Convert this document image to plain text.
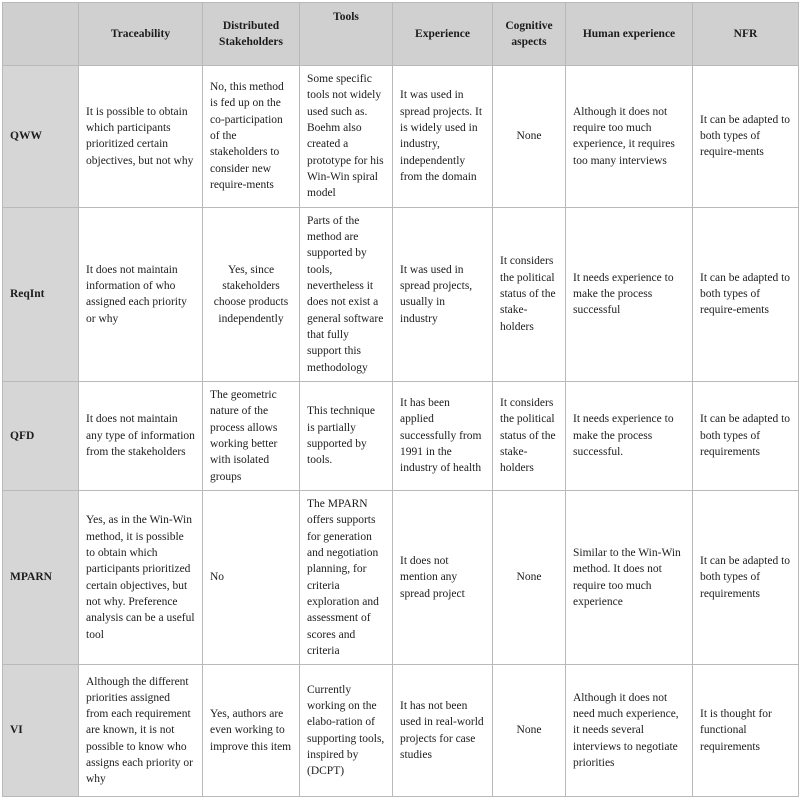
	Traceability	Distributed Stakeholders	Tools	Experience	Cognitive aspects	Human experience	NFR
QWW	It is possible to obtain which participants prioritized certain objectives, but not why	No, this method is fed up on the co-participation of the stakeholders to consider new require-ments	Some specific tools not widely used such as. Boehm also created a prototype for his Win-Win spiral model	It was used in spread projects. It is widely used in industry, independently from the domain	None	Although it does not require too much experience, it requires too many interviews	It can be adapted to both types of require-ments
ReqInt	It does not maintain information of who assigned each priority or why	Yes, since stakeholders choose products independently	Parts of the method are supported by tools, nevertheless it does not exist a general software that fully support this methodology	It was used in spread projects, usually in industry	It considers the political status of the stake-holders	It needs experience to make the process successful	It can be adapted to both types of require-ements
QFD	It does not maintain any type of information from the stakeholders	The geometric nature of the process allows working better with isolated groups	This technique is partially supported by tools.	It has been applied successfully from 1991 in the industry of health	It considers the political status of the stake-holders	It needs experience to make the process successful.	It can be adapted to both types of requirements
MPARN	Yes, as in the Win-Win method, it is possible to obtain which participants prioritized certain objectives, but not why. Preference analysis can be a useful tool	No	The MPARN offers supports for generation and negotiation planning, for criteria exploration and assessment of scores and criteria	It does not mention any spread project	None	Similar to the Win-Win method. It does not require too much experience	It can be adapted to both types of requirements
VI	Although the different priorities assigned from each requirement are known, it is not possible to know who assigns each priority or why	Yes, authors are even working to improve this item	Currently working on the elabo-ration of supporting tools, inspired by (DCPT)	It has not been used in real-world projects for case studies	None	Although it does not need much experience, it needs several interviews to negotiate priorities	It is thought for functional requirements
